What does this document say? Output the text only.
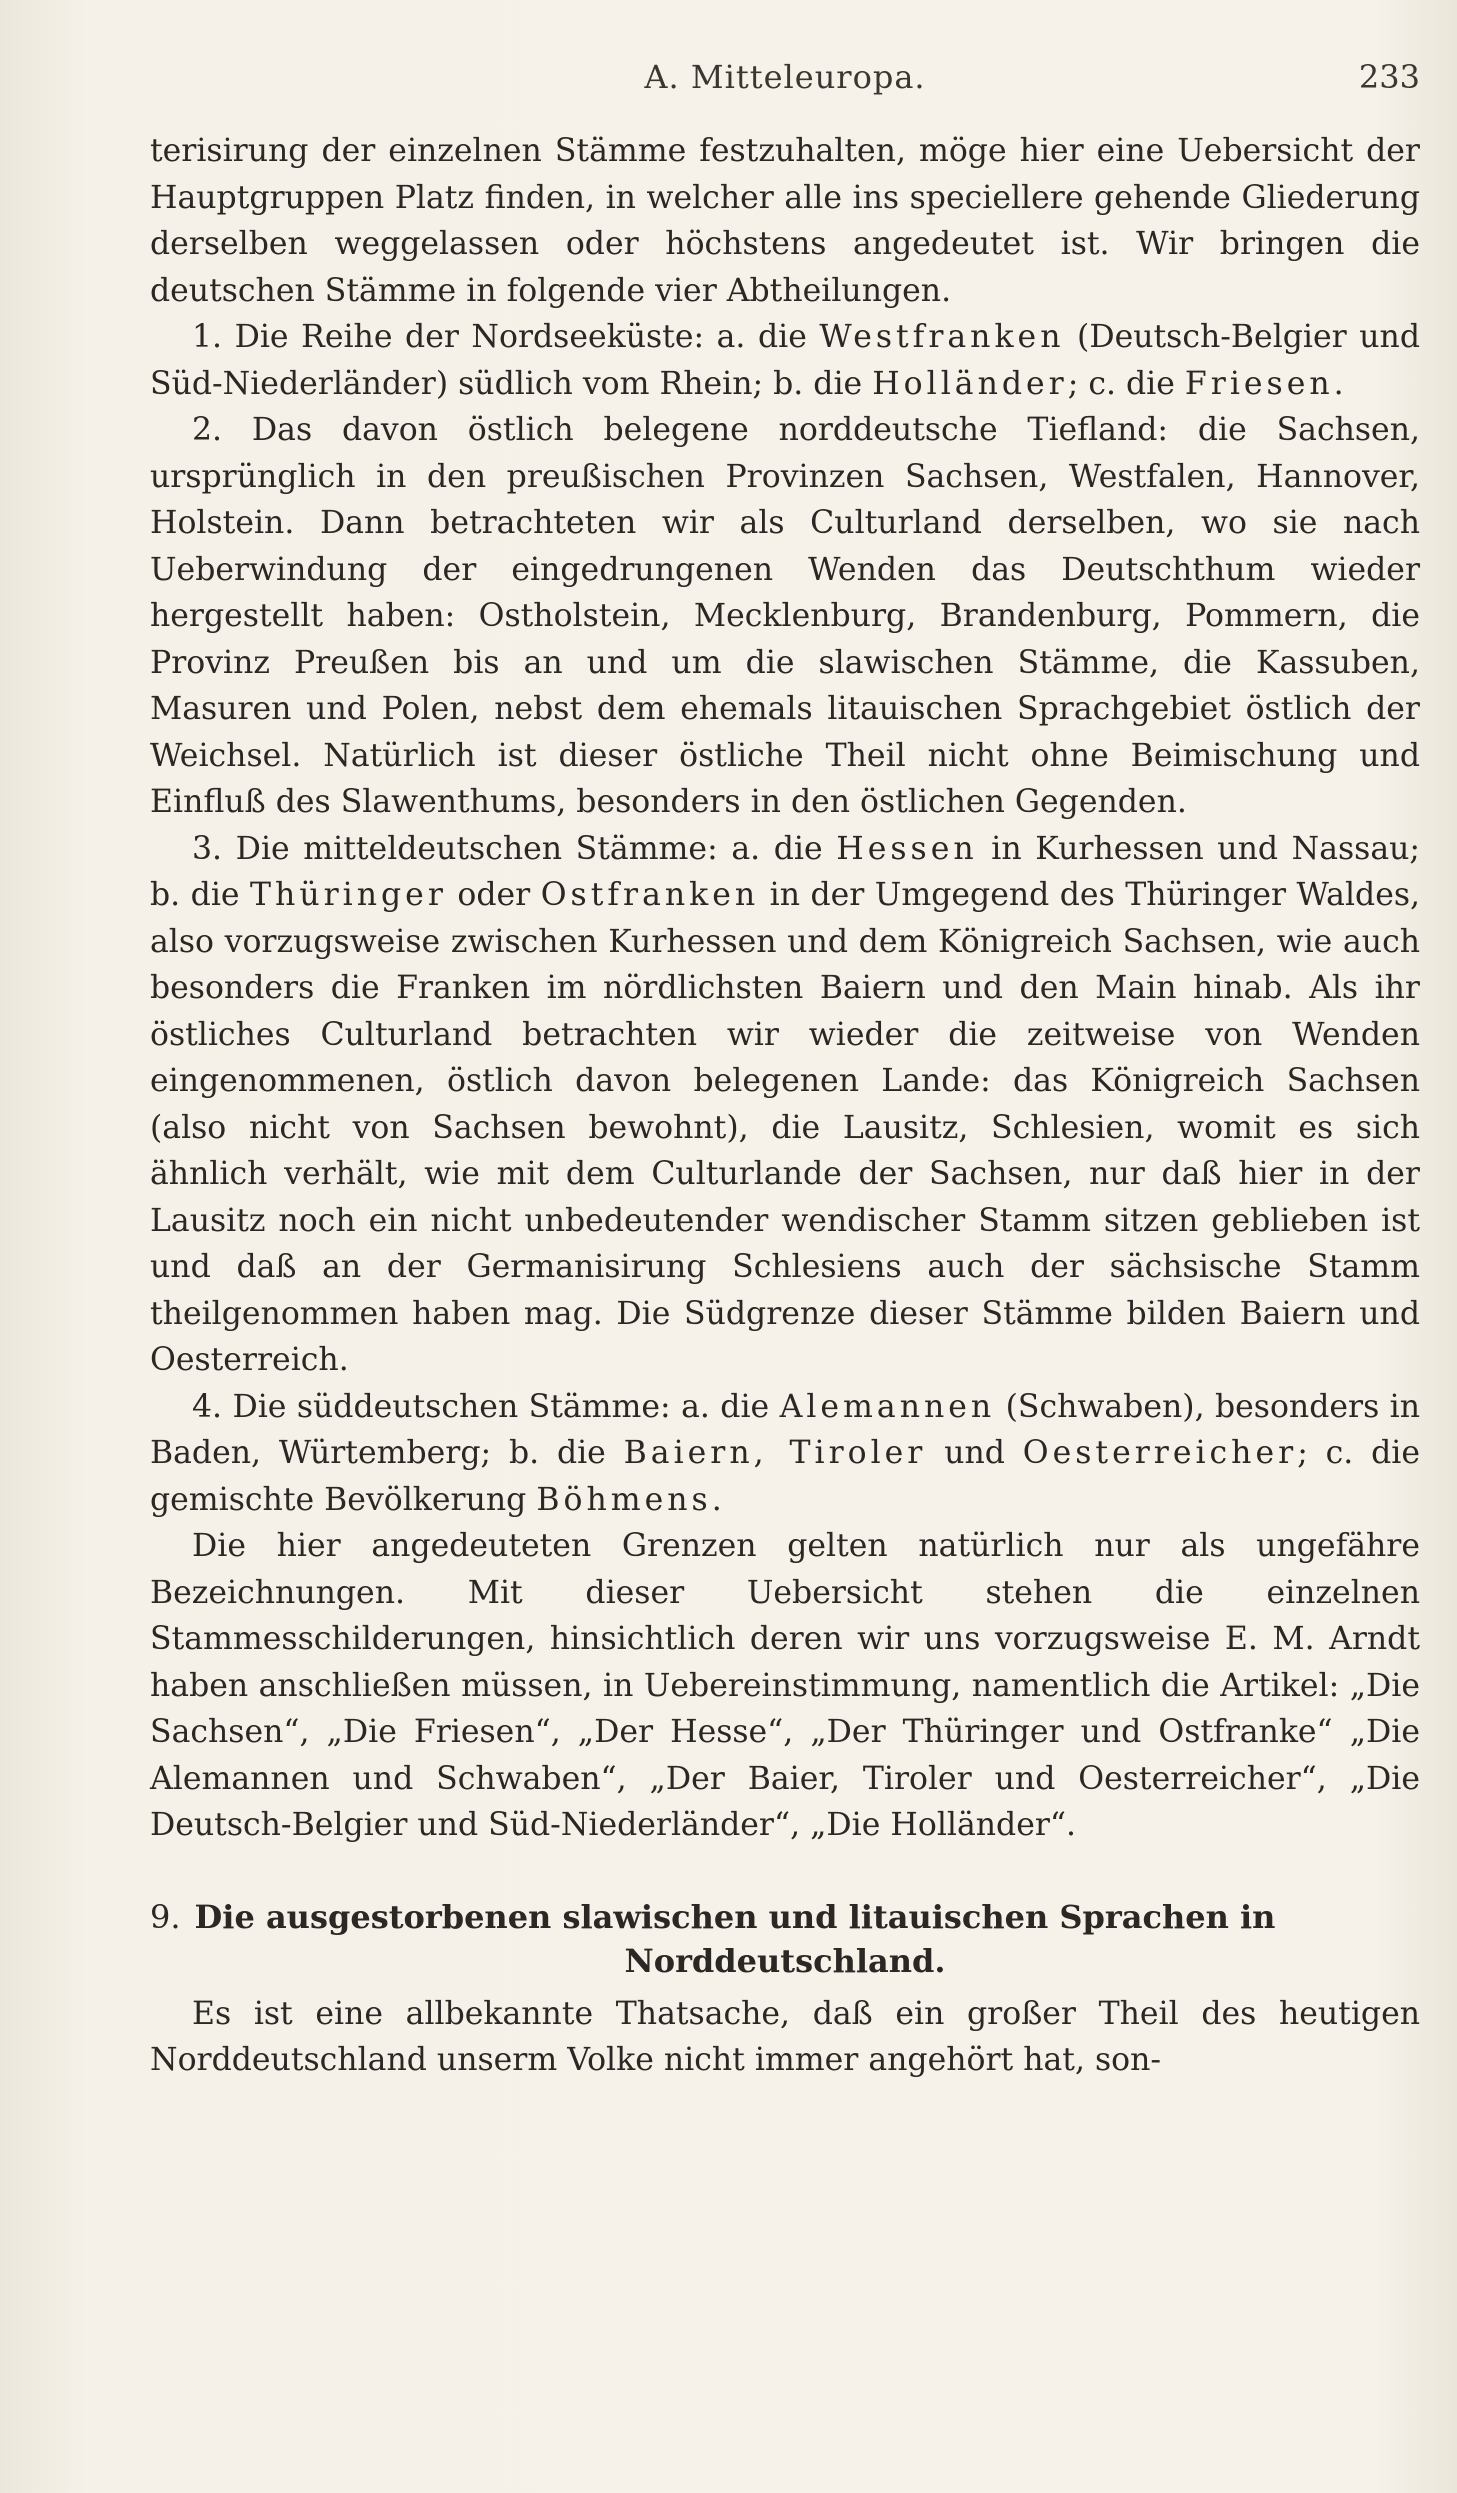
A. Mitteleuropa.	233

terisirung der einzelnen Stämme festzuhalten, möge hier eine Uebersicht der Hauptgruppen Platz finden, in welcher alle ins speciellere gehende Gliederung derselben weggelassen oder höchstens angedeutet ist. Wir bringen die deutschen Stämme in folgende vier Abtheilungen.

1. Die Reihe der Nordseeküste: a. die Westfranken (Deutsch-Belgier und Süd-Niederländer) südlich vom Rhein; b. die Holländer; c. die Friesen.

2. Das davon östlich belegene norddeutsche Tiefland: die Sachsen, ursprünglich in den preußischen Provinzen Sachsen, Westfalen, Hannover, Holstein. Dann betrachteten wir als Culturland derselben, wo sie nach Ueberwindung der eingedrungenen Wenden das Deutschthum wieder hergestellt haben: Ostholstein, Mecklenburg, Brandenburg, Pommern, die Provinz Preußen bis an und um die slawischen Stämme, die Kassuben, Masuren und Polen, nebst dem ehemals litauischen Sprachgebiet östlich der Weichsel. Natürlich ist dieser östliche Theil nicht ohne Beimischung und Einfluß des Slawenthums, besonders in den östlichen Gegenden.

3. Die mitteldeutschen Stämme: a. die Hessen in Kurhessen und Nassau; b. die Thüringer oder Ostfranken in der Umgegend des Thüringer Waldes, also vorzugsweise zwischen Kurhessen und dem Königreich Sachsen, wie auch besonders die Franken im nördlichsten Baiern und den Main hinab. Als ihr östliches Culturland betrachten wir wieder die zeitweise von Wenden eingenommenen, östlich davon belegenen Lande: das Königreich Sachsen (also nicht von Sachsen bewohnt), die Lausitz, Schlesien, womit es sich ähnlich verhält, wie mit dem Culturlande der Sachsen, nur daß hier in der Lausitz noch ein nicht unbedeutender wendischer Stamm sitzen geblieben ist und daß an der Germanisirung Schlesiens auch der sächsische Stamm theilgenommen haben mag. Die Südgrenze dieser Stämme bilden Baiern und Oesterreich.

4. Die süddeutschen Stämme: a. die Alemannen (Schwaben), besonders in Baden, Würtemberg; b. die Baiern, Tiroler und Oesterreicher; c. die gemischte Bevölkerung Böhmens.

Die hier angedeuteten Grenzen gelten natürlich nur als ungefähre Bezeichnungen. Mit dieser Uebersicht stehen die einzelnen Stammesschilderungen, hinsichtlich deren wir uns vorzugsweise E. M. Arndt haben anschließen müssen, in Uebereinstimmung, namentlich die Artikel: „Die Sachsen“, „Die Friesen“, „Der Hesse“, „Der Thüringer und Ostfranke“ „Die Alemannen und Schwaben“, „Der Baier, Tiroler und Oesterreicher“, „Die Deutsch-Belgier und Süd-Niederländer“, „Die Holländer“.

9. Die ausgestorbenen slawischen und litauischen Sprachen in
Norddeutschland.

Es ist eine allbekannte Thatsache, daß ein großer Theil des heutigen Norddeutschland unserm Volke nicht immer angehört hat, son-
